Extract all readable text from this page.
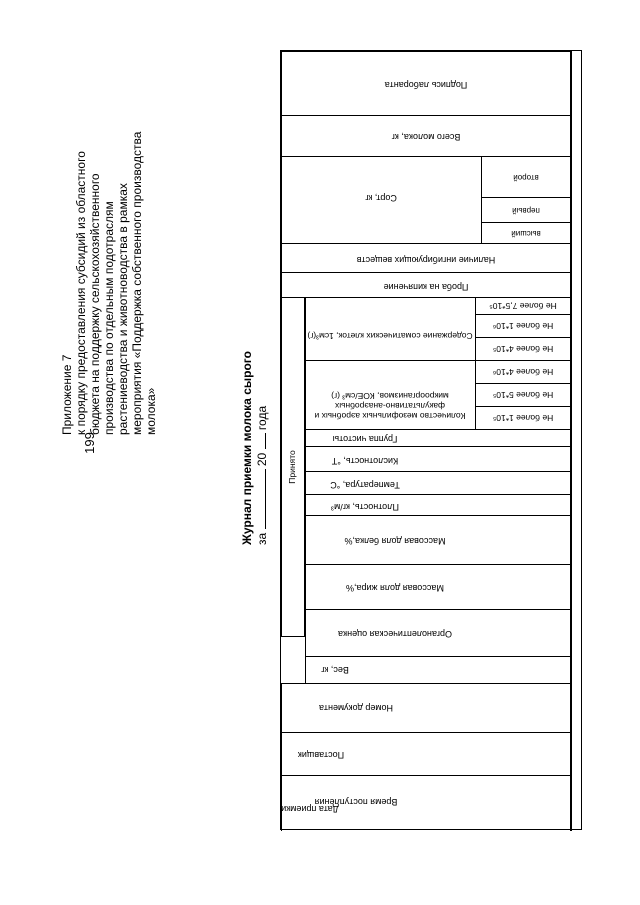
199
Приложение 7 к порядку предоставления субсидий из областного бюджета на поддержку сельскохозяйственного производства по отдельным подотраслям растениеводства и животноводства в рамках мероприятия «Поддержка собственного производства молока»	Журнал приемки молока сырого за  20  года
Подпись лаборанта
Всего молока, кг
Сорт, кг
второй
первый
высший
Наличие ингибирующих веществ
Проба на кипячение
Принято
Содержание соматических клеток, 1см³(г)
Не более 7,5*10⁵
Не более 1*10⁶
Не более 4*10⁵
Количество мезофильных аэробных и факультативно-анаэробных микроорганизмов, КОЕ/см³ (г)
Не более 4*10⁶
Не более 5*10⁵
Не более 1*10⁵
Группа чистоты
Кислотность, °Т
Температура, °С
Плотность, кг/м³
Массовая доля белка,%
Массовая доля жира,%
Органолептическая оценка
Вес, кг
Номер документа
Поставщик
Время поступления
Дата приемки
